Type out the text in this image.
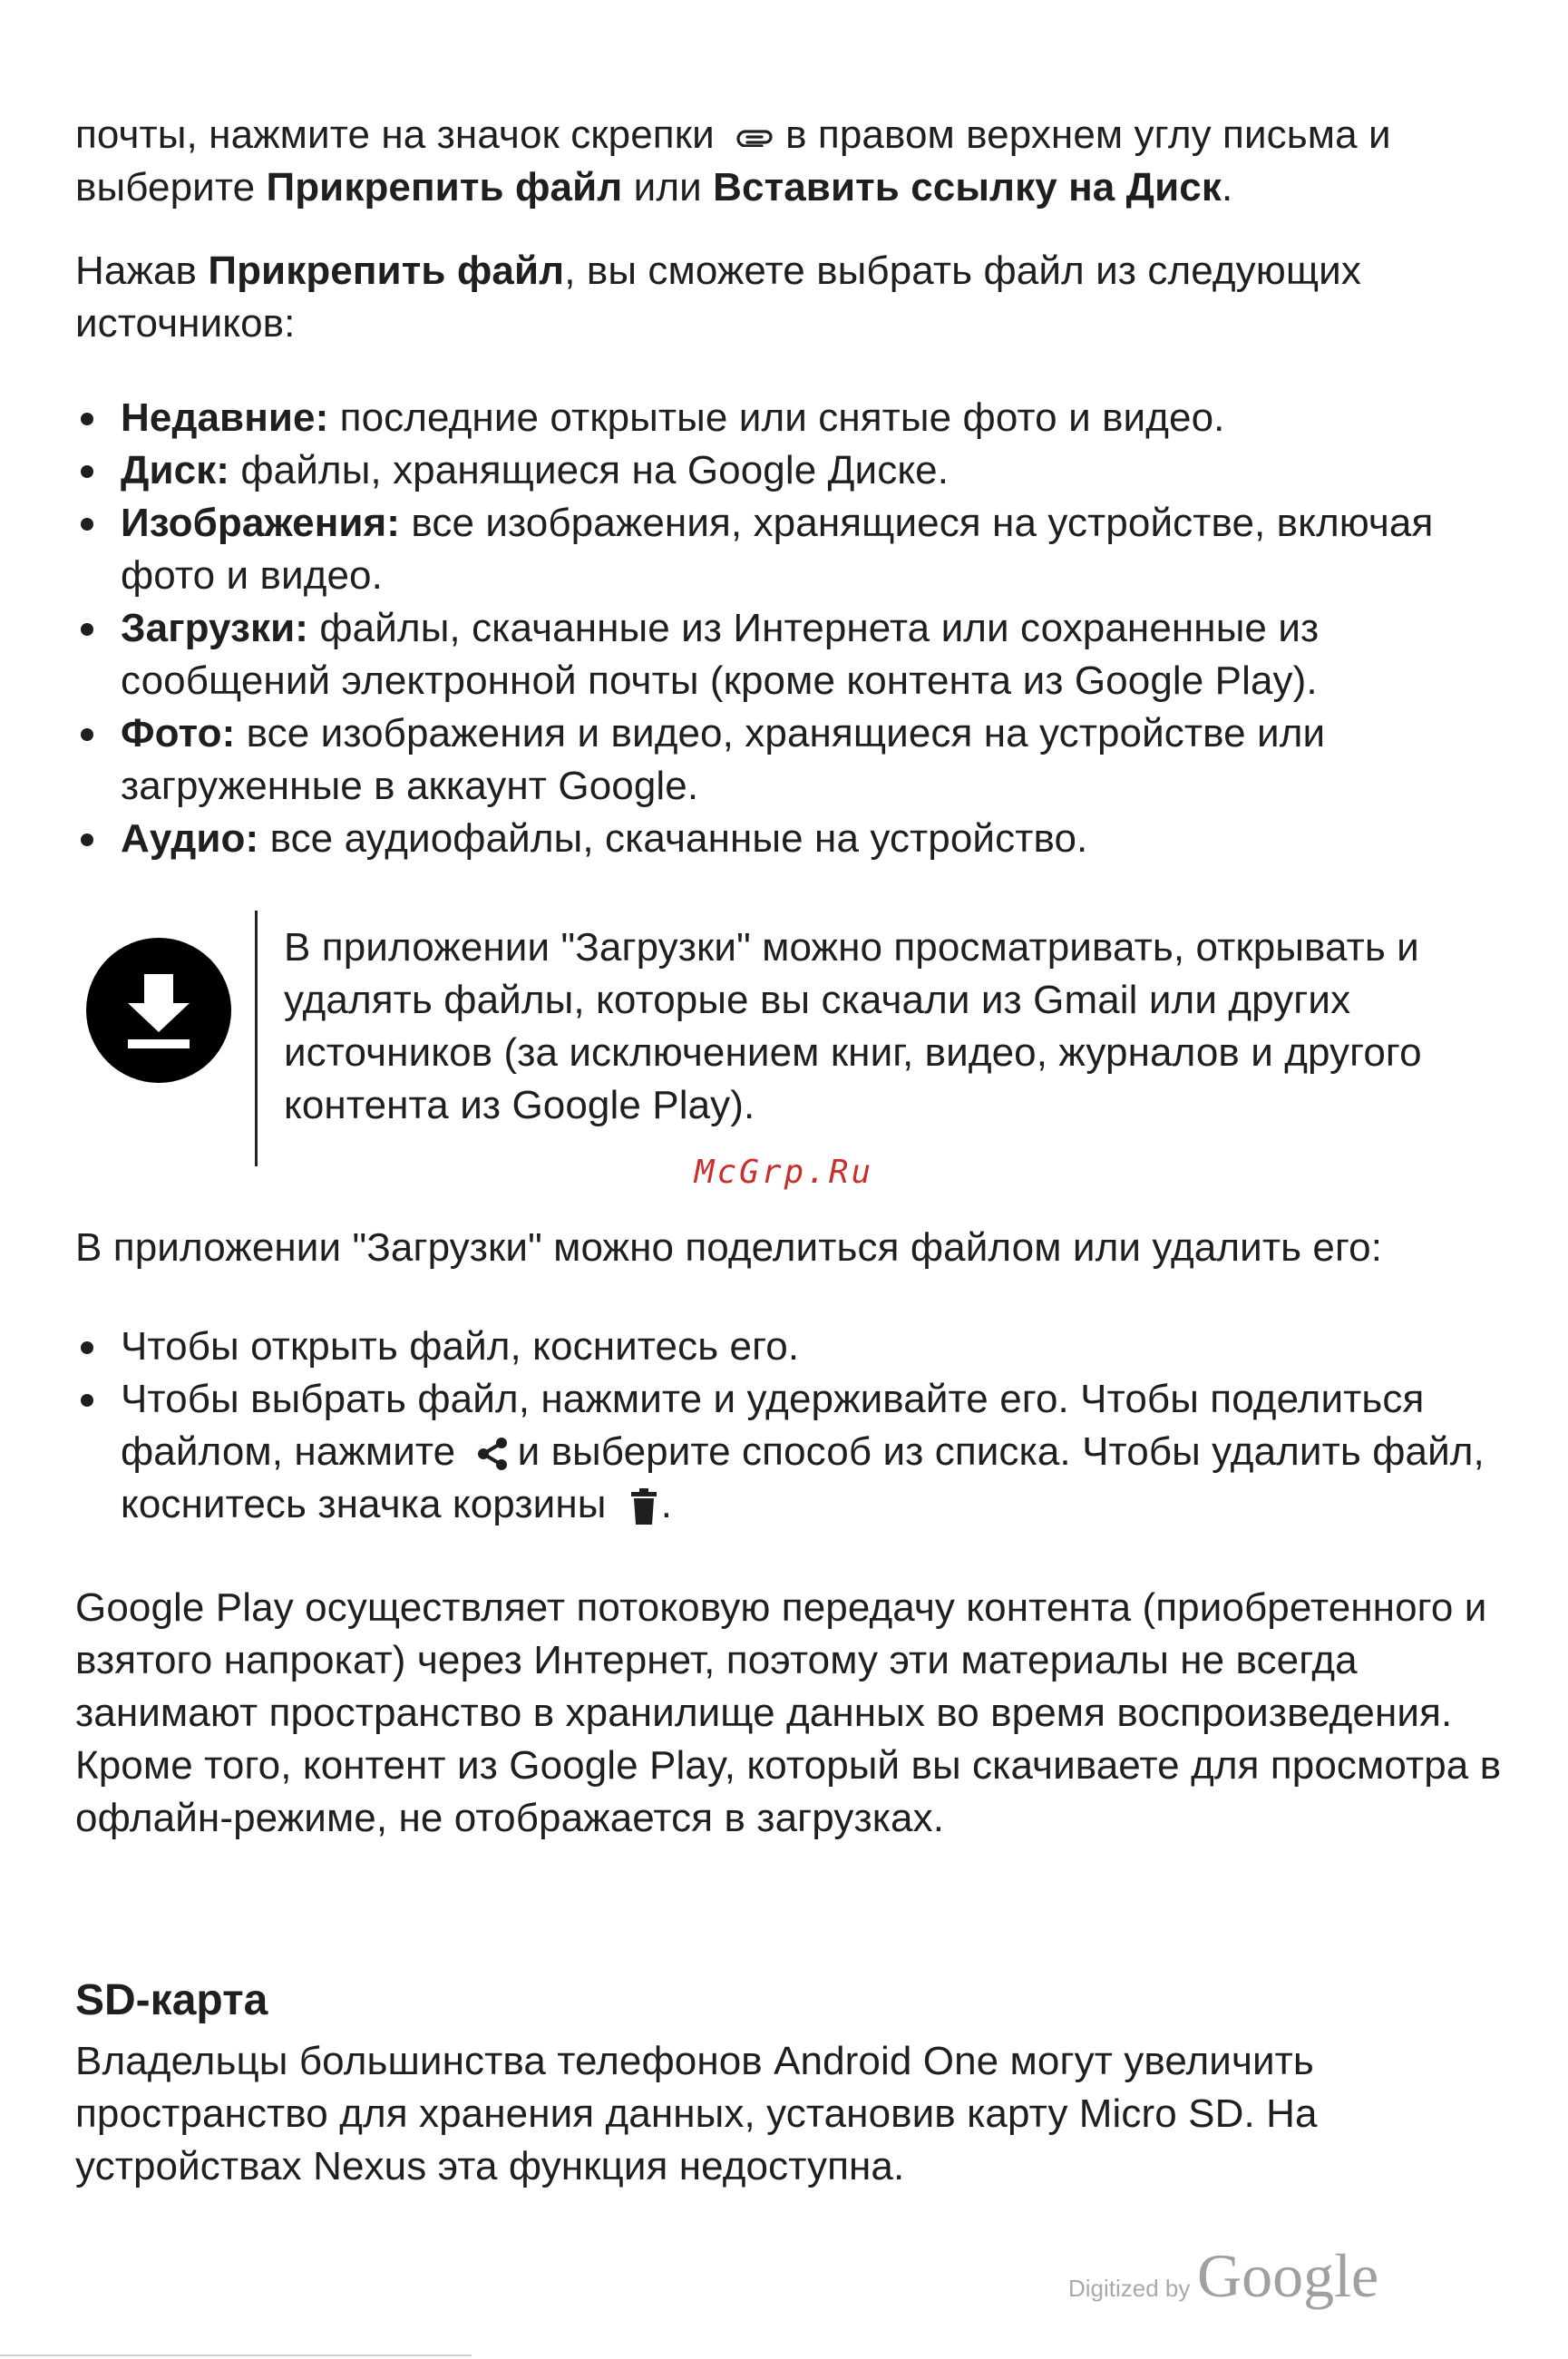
почты, нажмите на значок скрепки в правом верхнем углу письма и выберите Прикрепить файл или Вставить ссылку на Диск.

Нажав Прикрепить файл, вы сможете выбрать файл из следующих источников:

Недавние: последние открытые или снятые фото и видео.
Диск: файлы, хранящиеся на Google Диске.
Изображения: все изображения, хранящиеся на устройстве, включая фото и видео.
Загрузки: файлы, скачанные из Интернета или сохраненные из сообщений электронной почты (кроме контента из Google Play).
Фото: все изображения и видео, хранящиеся на устройстве или загруженные в аккаунт Google.
Аудио: все аудиофайлы, скачанные на устройство.

В приложении "Загрузки" можно просматривать, открывать и удалять файлы, которые вы скачали из Gmail или других источников (за исключением книг, видео, журналов и другого контента из Google Play).

McGrp.Ru

В приложении "Загрузки" можно поделиться файлом или удалить его:

Чтобы открыть файл, коснитесь его.
Чтобы выбрать файл, нажмите и удерживайте его. Чтобы поделиться файлом, нажмите и выберите способ из списка. Чтобы удалить файл, коснитесь значка корзины .

Google Play осуществляет потоковую передачу контента (приобретенного и взятого напрокат) через Интернет, поэтому эти материалы не всегда занимают пространство в хранилище данных во время воспроизведения. Кроме того, контент из Google Play, который вы скачиваете для просмотра в офлайн-режиме, не отображается в загрузках.

SD-карта

Владельцы большинства телефонов Android One могут увеличить пространство для хранения данных, установив карту Micro SD. На устройствах Nexus эта функция недоступна.

Digitized by Google
